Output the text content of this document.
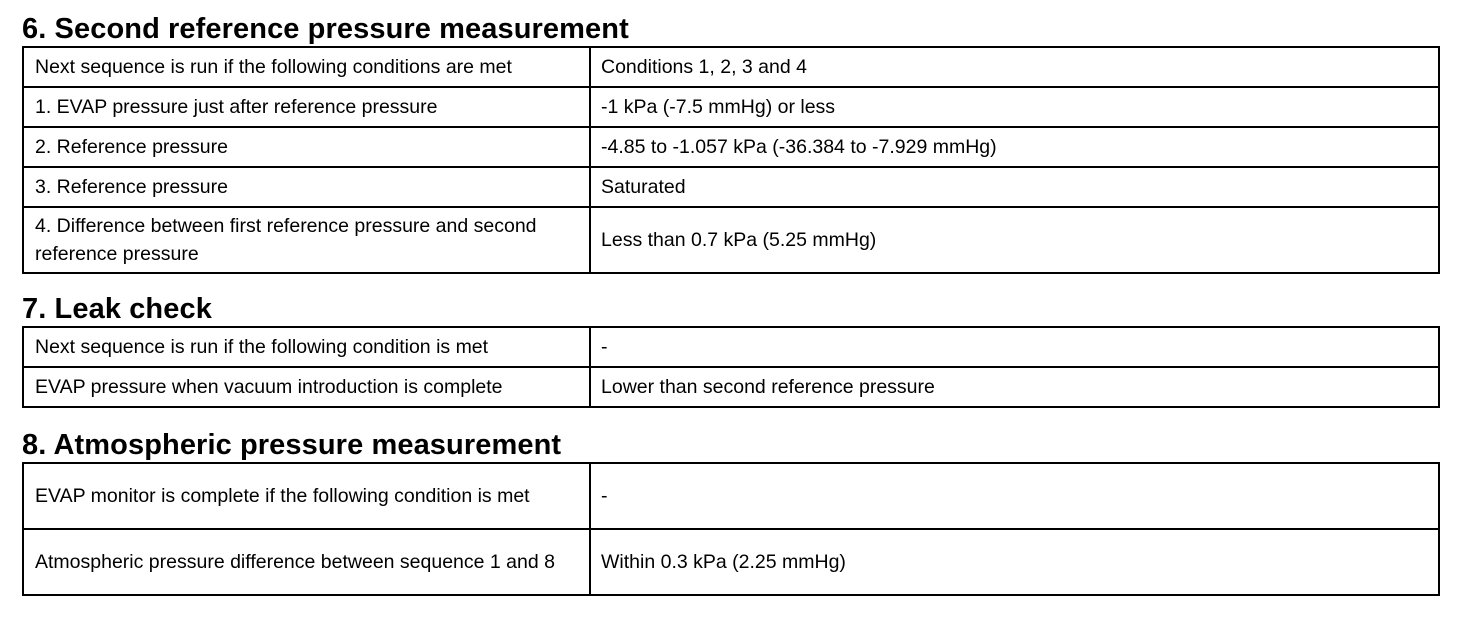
6. Second reference pressure measurement
Next sequence is run if the following conditions are met	Conditions 1, 2, 3 and 4
1. EVAP pressure just after reference pressure	-1 kPa (-7.5 mmHg) or less
2. Reference pressure	-4.85 to -1.057 kPa (-36.384 to -7.929 mmHg)
3. Reference pressure	Saturated
4. Difference between first reference pressure and second reference pressure	Less than 0.7 kPa (5.25 mmHg)
7. Leak check
Next sequence is run if the following condition is met	-
EVAP pressure when vacuum introduction is complete	Lower than second reference pressure
8. Atmospheric pressure measurement
EVAP monitor is complete if the following condition is met	-
Atmospheric pressure difference between sequence 1 and 8	Within 0.3 kPa (2.25 mmHg)
